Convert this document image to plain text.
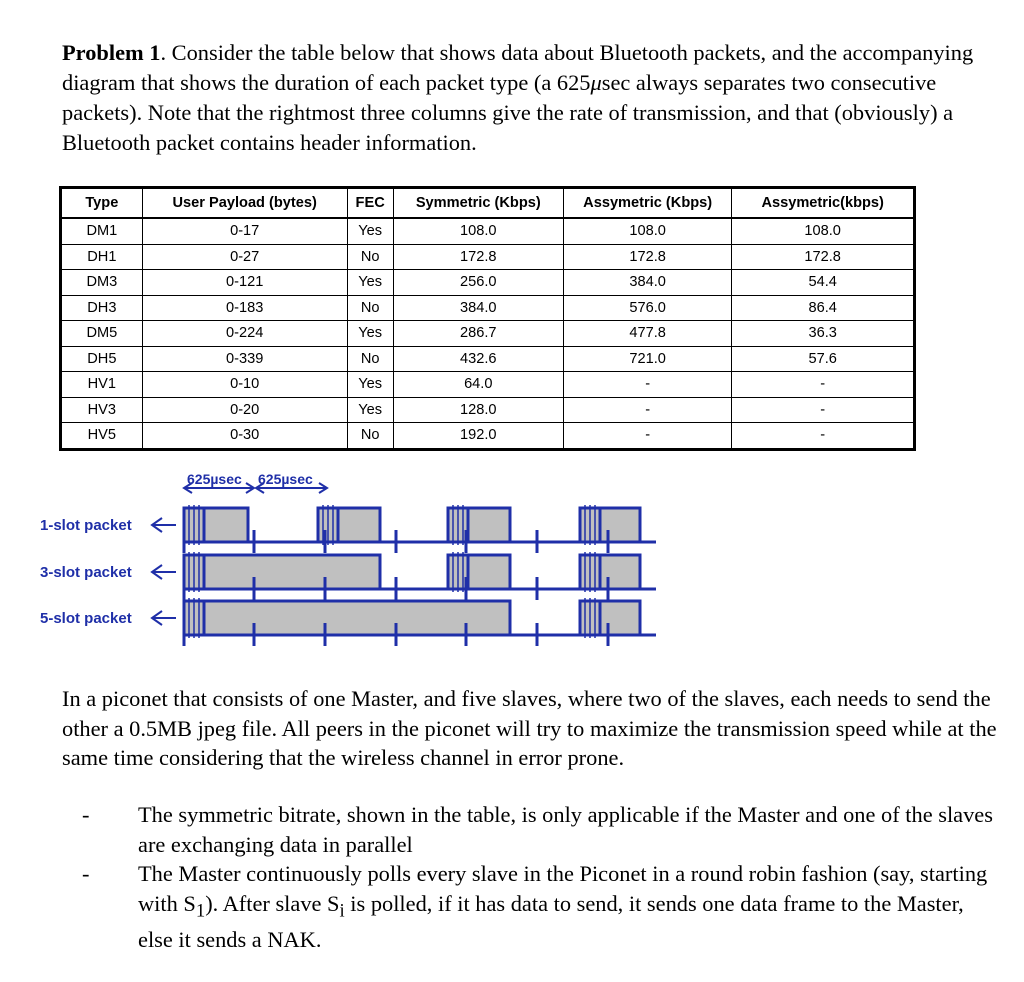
Problem 1. Consider the table below that shows data about Bluetooth packets, and the accompanying diagram that shows the duration of each packet type (a 625μsec always separates two consecutive packets). Note that the rightmost three columns give the rate of transmission, and that (obviously) a Bluetooth packet contains header information.

Type	User Payload (bytes)	FEC	Symmetric (Kbps)	Assymetric (Kbps)	Assymetric(kbps)
DM1	0-17	Yes	108.0	108.0	108.0
DH1	0-27	No	172.8	172.8	172.8
DM3	0-121	Yes	256.0	384.0	54.4
DH3	0-183	No	384.0	576.0	86.4
DM5	0-224	Yes	286.7	477.8	36.3
DH5	0-339	No	432.6	721.0	57.6
HV1	0-10	Yes	64.0	-	-
HV3	0-20	Yes	128.0	-	-
HV5	0-30	No	192.0	-	-
625µsec 625µsec
1-slot packet
3-slot packet
5-slot packet

In a piconet that consists of one Master, and five slaves, where two of the slaves, each needs to send the other a 0.5MB jpeg file. All peers in the piconet will try to maximize the transmission speed while at the same time considering that the wireless channel in error prone.

- The symmetric bitrate, shown in the table, is only applicable if the Master and one of the slaves are exchanging data in parallel
- The Master continuously polls every slave in the Piconet in a round robin fashion (say, starting with $S_1$). After slave $S_i$ is polled, if it has data to send, it sends one data frame to the Master, else it sends a NAK.
